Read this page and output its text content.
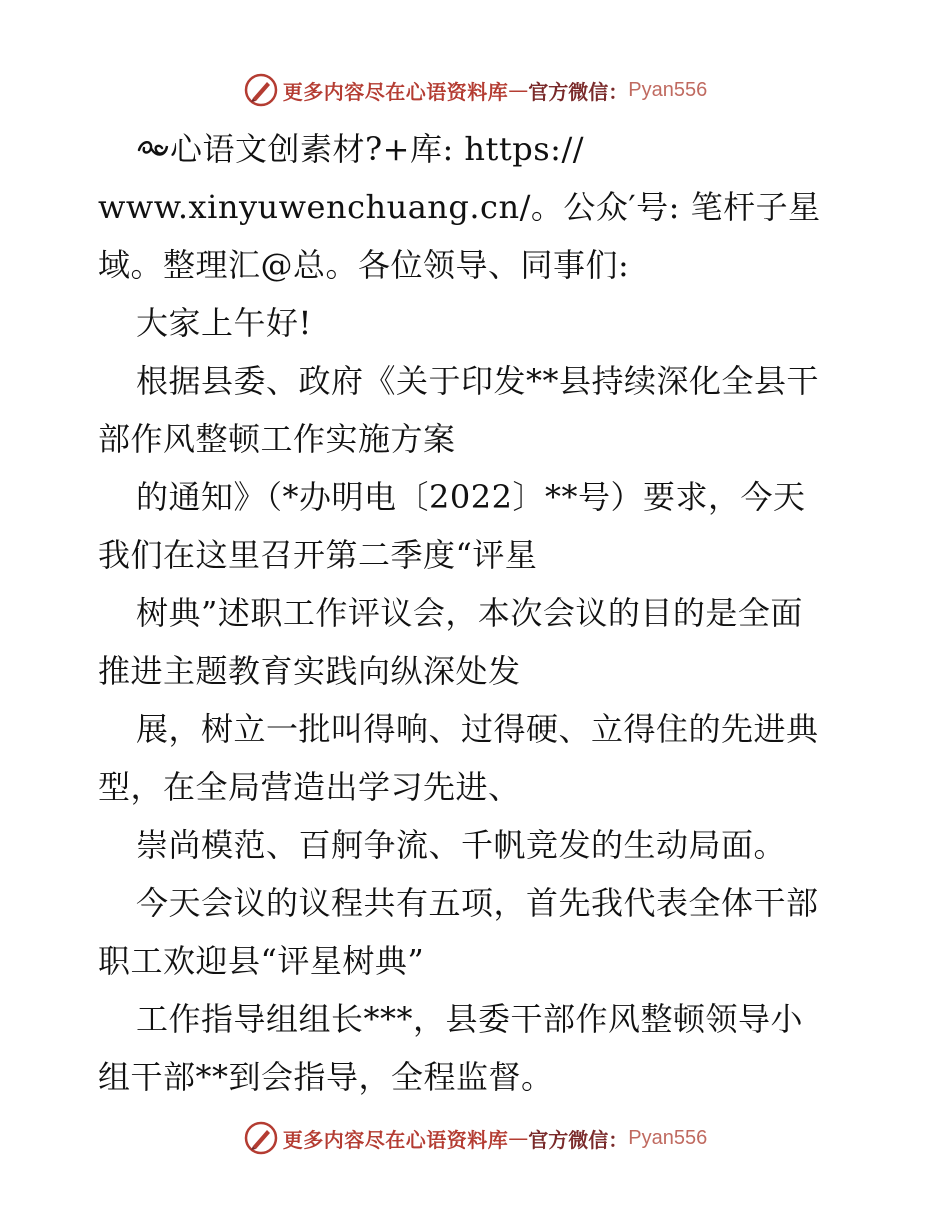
更多内容尽在心语资料库 — 官方微信： Pyan556
心语文创素材?+库: https://
www.xinyuwenchuang.cn/。公众′号: 笔杆子星
域。整理汇@总。各位领导、同事们:
大家上午好!
根据县委、政府《关于印发**县持续深化全县干
部作风整顿工作实施方案
的通知》（*办明电〔2022〕**号）要求，今天
我们在这里召开第二季度“评星
树典”述职工作评议会，本次会议的目的是全面
推进主题教育实践向纵深处发
展，树立一批叫得响、过得硬、立得住的先进典
型，在全局营造出学习先进、
崇尚模范、百舸争流、千帆竞发的生动局面。
今天会议的议程共有五项，首先我代表全体干部
职工欢迎县“评星树典”
工作指导组组长***，县委干部作风整顿领导小
组干部**到会指导，全程监督。
更多内容尽在心语资料库 — 官方微信： Pyan556
